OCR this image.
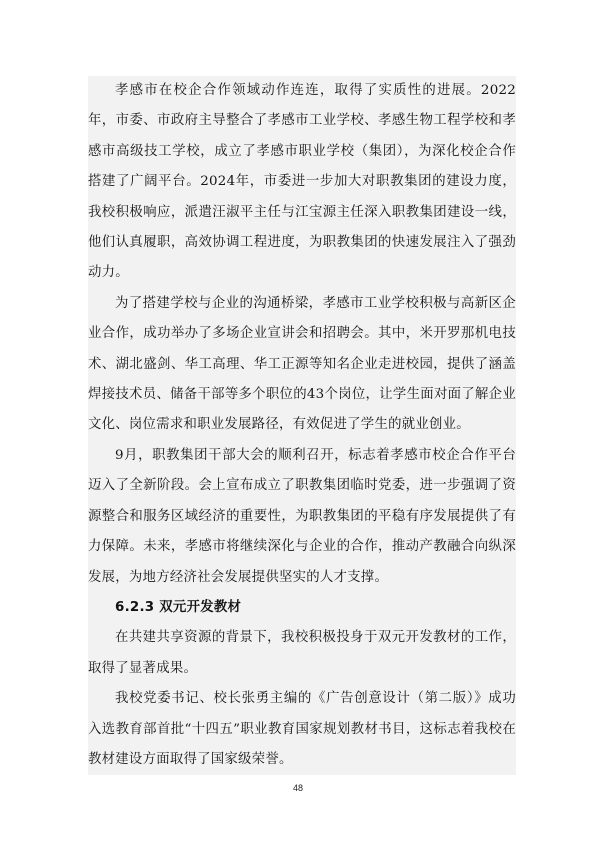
孝感市在校企合作领域动作连连，取得了实质性的进展。2022年，市委、市政府主导整合了孝感市工业学校、孝感生物工程学校和孝感市高级技工学校，成立了孝感市职业学校（集团），为深化校企合作搭建了广阔平台。2024年，市委进一步加大对职教集团的建设力度，我校积极响应，派遣汪淑平主任与江宝源主任深入职教集团建设一线，他们认真履职，高效协调工程进度，为职教集团的快速发展注入了强劲动力。

为了搭建学校与企业的沟通桥梁，孝感市工业学校积极与高新区企业合作，成功举办了多场企业宣讲会和招聘会。其中，米开罗那机电技术、湖北盛剑、华工高理、华工正源等知名企业走进校园，提供了涵盖焊接技术员、储备干部等多个职位的43个岗位，让学生面对面了解企业文化、岗位需求和职业发展路径，有效促进了学生的就业创业。

9月，职教集团干部大会的顺利召开，标志着孝感市校企合作平台迈入了全新阶段。会上宣布成立了职教集团临时党委，进一步强调了资源整合和服务区域经济的重要性，为职教集团的平稳有序发展提供了有力保障。未来，孝感市将继续深化与企业的合作，推动产教融合向纵深发展，为地方经济社会发展提供坚实的人才支撑。

6.2.3 双元开发教材

在共建共享资源的背景下，我校积极投身于双元开发教材的工作，取得了显著成果。

我校党委书记、校长张勇主编的《广告创意设计（第二版）》成功入选教育部首批“十四五”职业教育国家规划教材书目，这标志着我校在教材建设方面取得了国家级荣誉。

48
